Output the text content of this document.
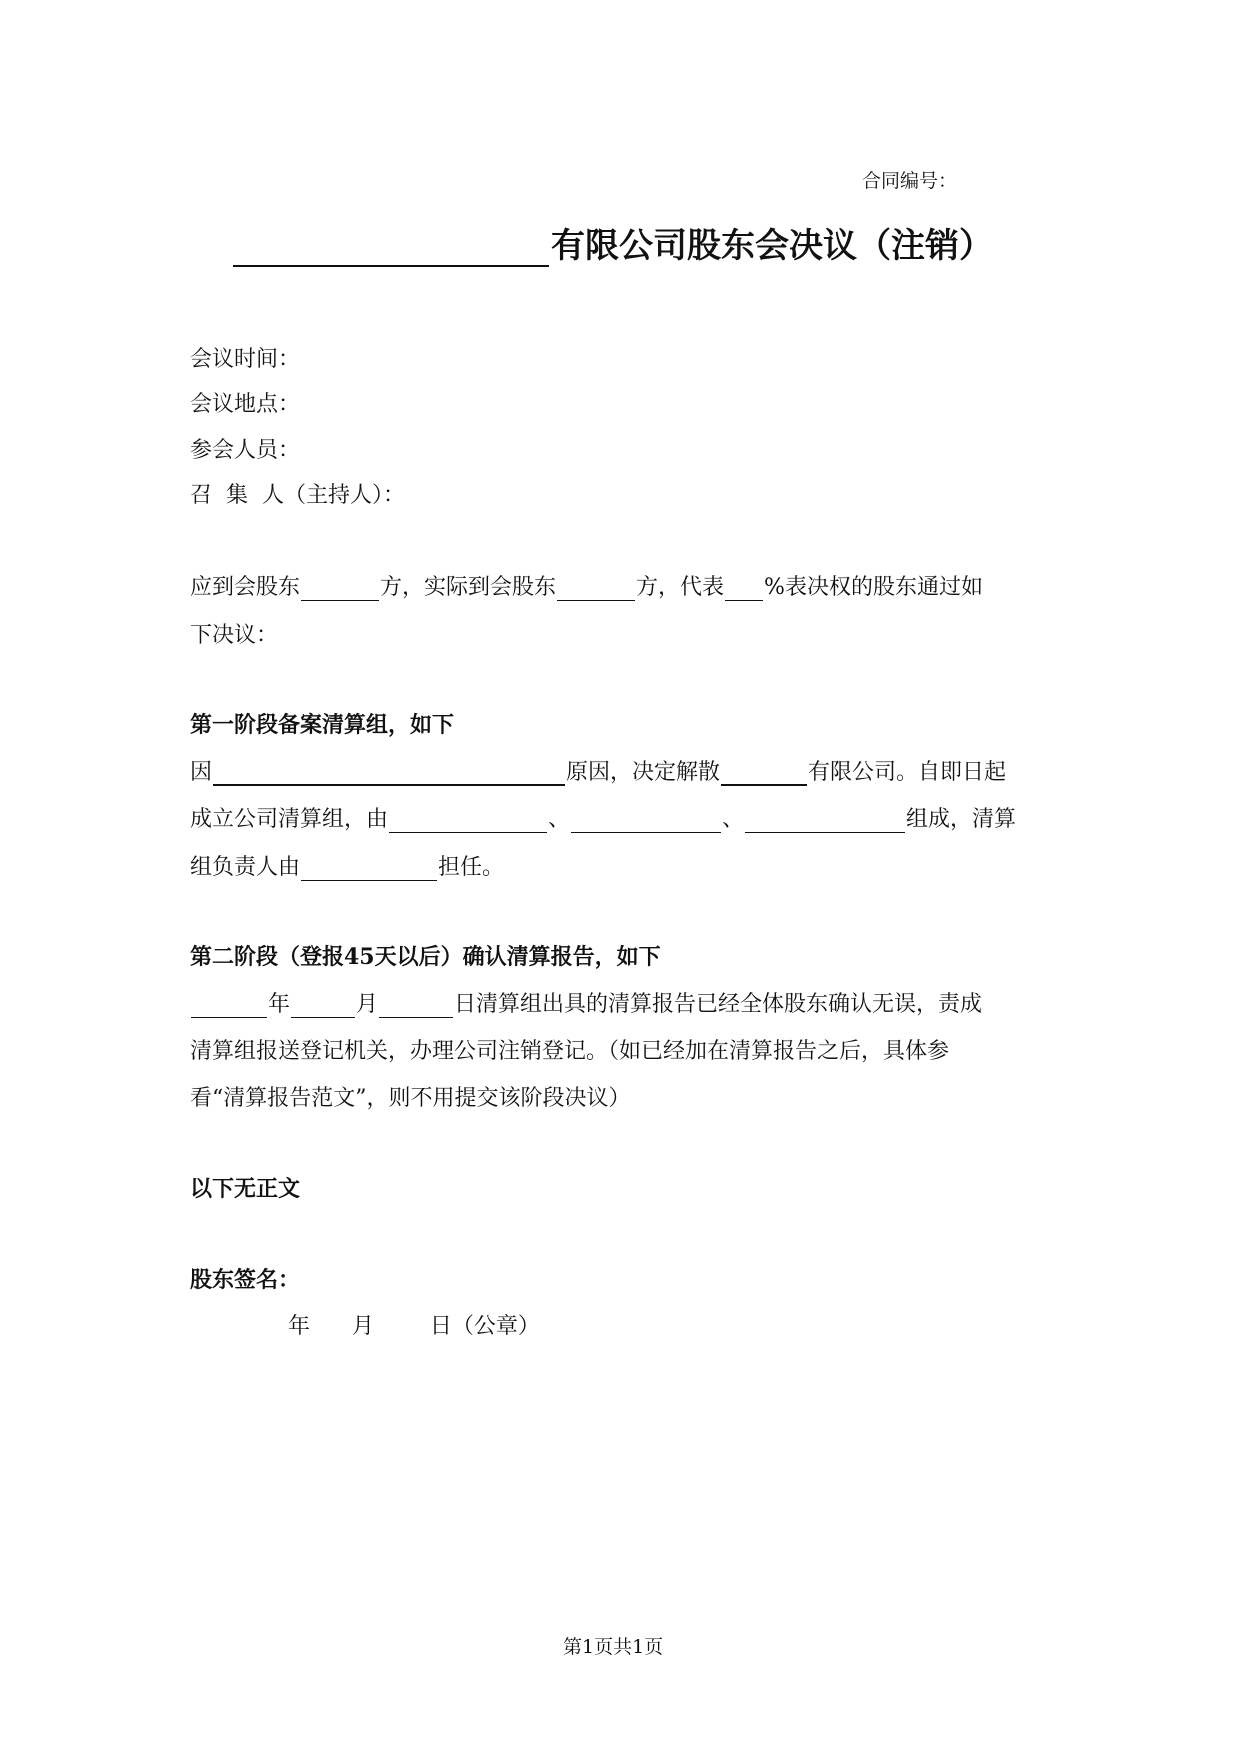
合同编号：
有限公司股东会决议（注销）
会议时间：
会议地点：
参会人员：
召  集  人（主持人）：
应到会股东	方，实际到会股东	方，代表 %表决权的股东通过如
下决议：
第一阶段备案清算组，如下
因	原因，决定解散	有限公司。自即日起
成立公司清算组，由	、	、	组成，清算
组负责人由	担任。
第二阶段（登报45天以后）确认清算报告，如下
年	月	日清算组出具的清算报告已经全体股东确认无误，责成
清算组报送登记机关，办理公司注销登记。（如已经加在清算报告之后，具体参
看“清算报告范文”，则不用提交该阶段决议）
以下无正文
股东签名：
年      月        日（公章）
第1页共1页
